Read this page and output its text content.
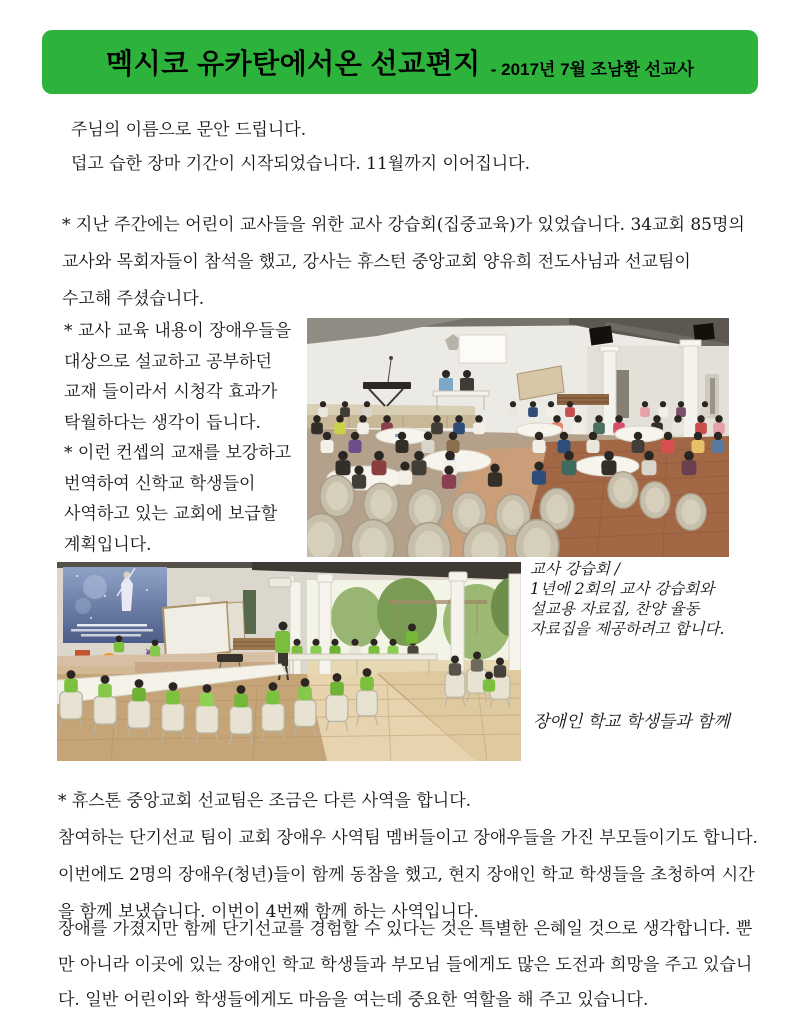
멕시코 유카탄에서온 선교편지 - 2017년 7월 조남환 선교사
주님의 이름으로 문안 드립니다.
덥고 습한 장마 기간이 시작되었습니다. 11월까지 이어집니다.
* 지난 주간에는 어린이 교사들을 위한 교사 강습회(집중교육)가 있었습니다. 34교회 85명의
교사와 목회자들이 참석을 했고, 강사는 휴스턴 중앙교회 양유희 전도사님과 선교팀이
수고해 주셨습니다.
* 교사 교육 내용이 장애우들을
대상으로 설교하고 공부하던
교재 들이라서 시청각 효과가
탁월하다는 생각이 듭니다.
* 이런 컨셉의 교재를 보강하고
번역하여 신학교 학생들이
사역하고 있는 교회에 보급할
계획입니다.
교사 강습회 /
1년에 2회의 교사 강습회와
설교용 자료집, 찬양 율동
자료집을 제공하려고 합니다.
장애인 학교 학생들과 함께
* 휴스톤 중앙교회 선교팀은 조금은 다른 사역을 합니다.
참여하는 단기선교 팀이 교회 장애우 사역팀 멤버들이고 장애우들을 가진 부모들이기도 합니다.
이번에도 2명의 장애우(청년)들이 함께 동참을 했고, 현지 장애인 학교 학생들을 초청하여 시간
을 함께 보냈습니다. 이번이 4번째 함께 하는 사역입니다.
장애를 가졌지만 함께 단기선교를 경험할 수 있다는 것은 특별한 은혜일 것으로 생각합니다. 뿐
만 아니라 이곳에 있는 장애인 학교 학생들과 부모님 들에게도 많은 도전과 희망을 주고 있습니
다. 일반 어린이와 학생들에게도 마음을 여는데 중요한 역할을 해 주고 있습니다.
